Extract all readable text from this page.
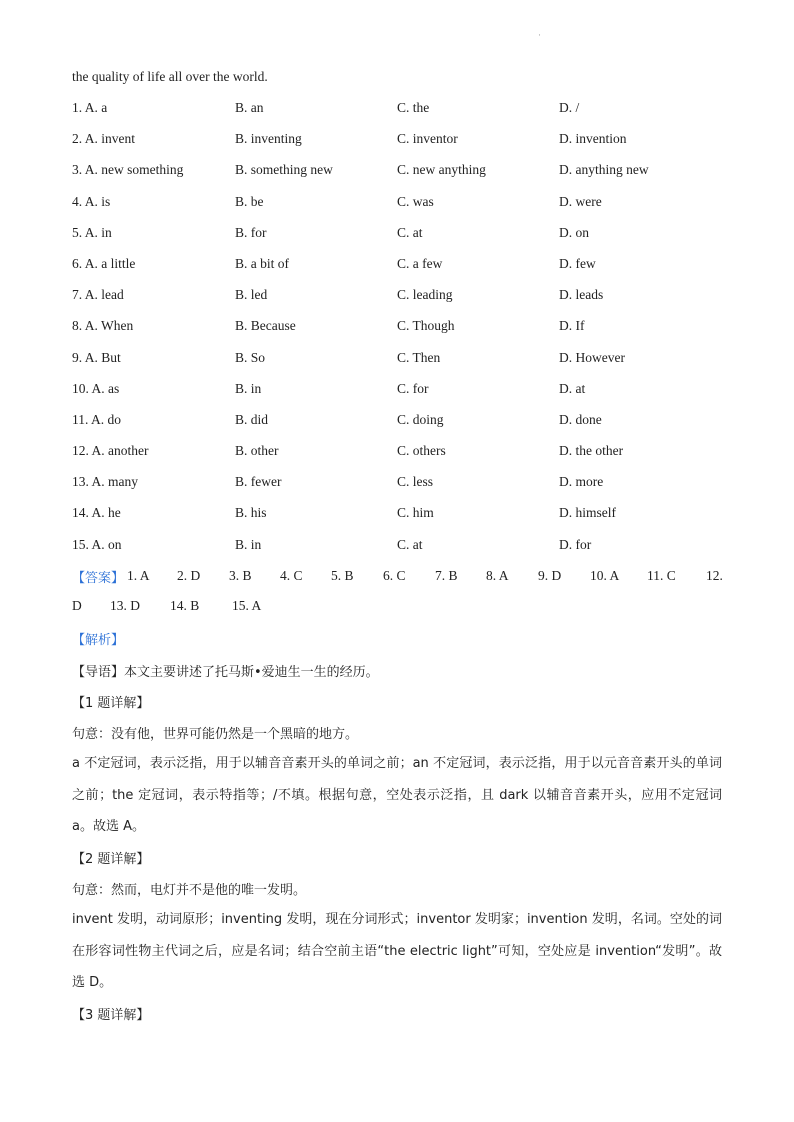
·
the quality of life all over the world.
1. A. a	B. an	C. the	D. /
2. A. invent	B. inventing	C. inventor	D. invention
3. A. new something	B. something new	C. new anything	D. anything new
4. A. is	B. be	C. was	D. were
5. A. in	B. for	C. at	D. on
6. A. a little	B. a bit of	C. a few	D. few
7. A. lead	B. led	C. leading	D. leads
8. A. When	B. Because	C. Though	D. If
9. A. But	B. So	C. Then	D. However
10. A. as	B. in	C. for	D. at
11. A. do	B. did	C. doing	D. done
12. A. another	B. other	C. others	D. the other
13. A. many	B. fewer	C. less	D. more
14. A. he	B. his	C. him	D. himself
15. A. on	B. in	C. at	D. for
【答案】 1. A 2. D 3. B 4. C 5. B 6. C 7. B 8. A 9. D 10. A 11. C 12.
D 13. D 14. B 15. A
【解析】
【导语】本文主要讲述了托马斯•爱迪生一生的经历。
【1 题详解】
句意：没有他，世界可能仍然是一个黑暗的地方。

a 不定冠词，表示泛指，用于以辅音音素开头的单词之前；an 不定冠词，表示泛指，用于以元音音素开头的单词之前；the 定冠词，表示特指等；/不填。根据句意，空处表示泛指，且 dark 以辅音音素开头，应用不定冠词 a。故选 A。

【2 题详解】
句意：然而，电灯并不是他的唯一发明。

invent 发明，动词原形；inventing 发明，现在分词形式；inventor 发明家；invention 发明，名词。空处的词在形容词性物主代词之后，应是名词；结合空前主语“the electric light”可知，空处应是 invention“发明”。故选 D。

【3 题详解】
